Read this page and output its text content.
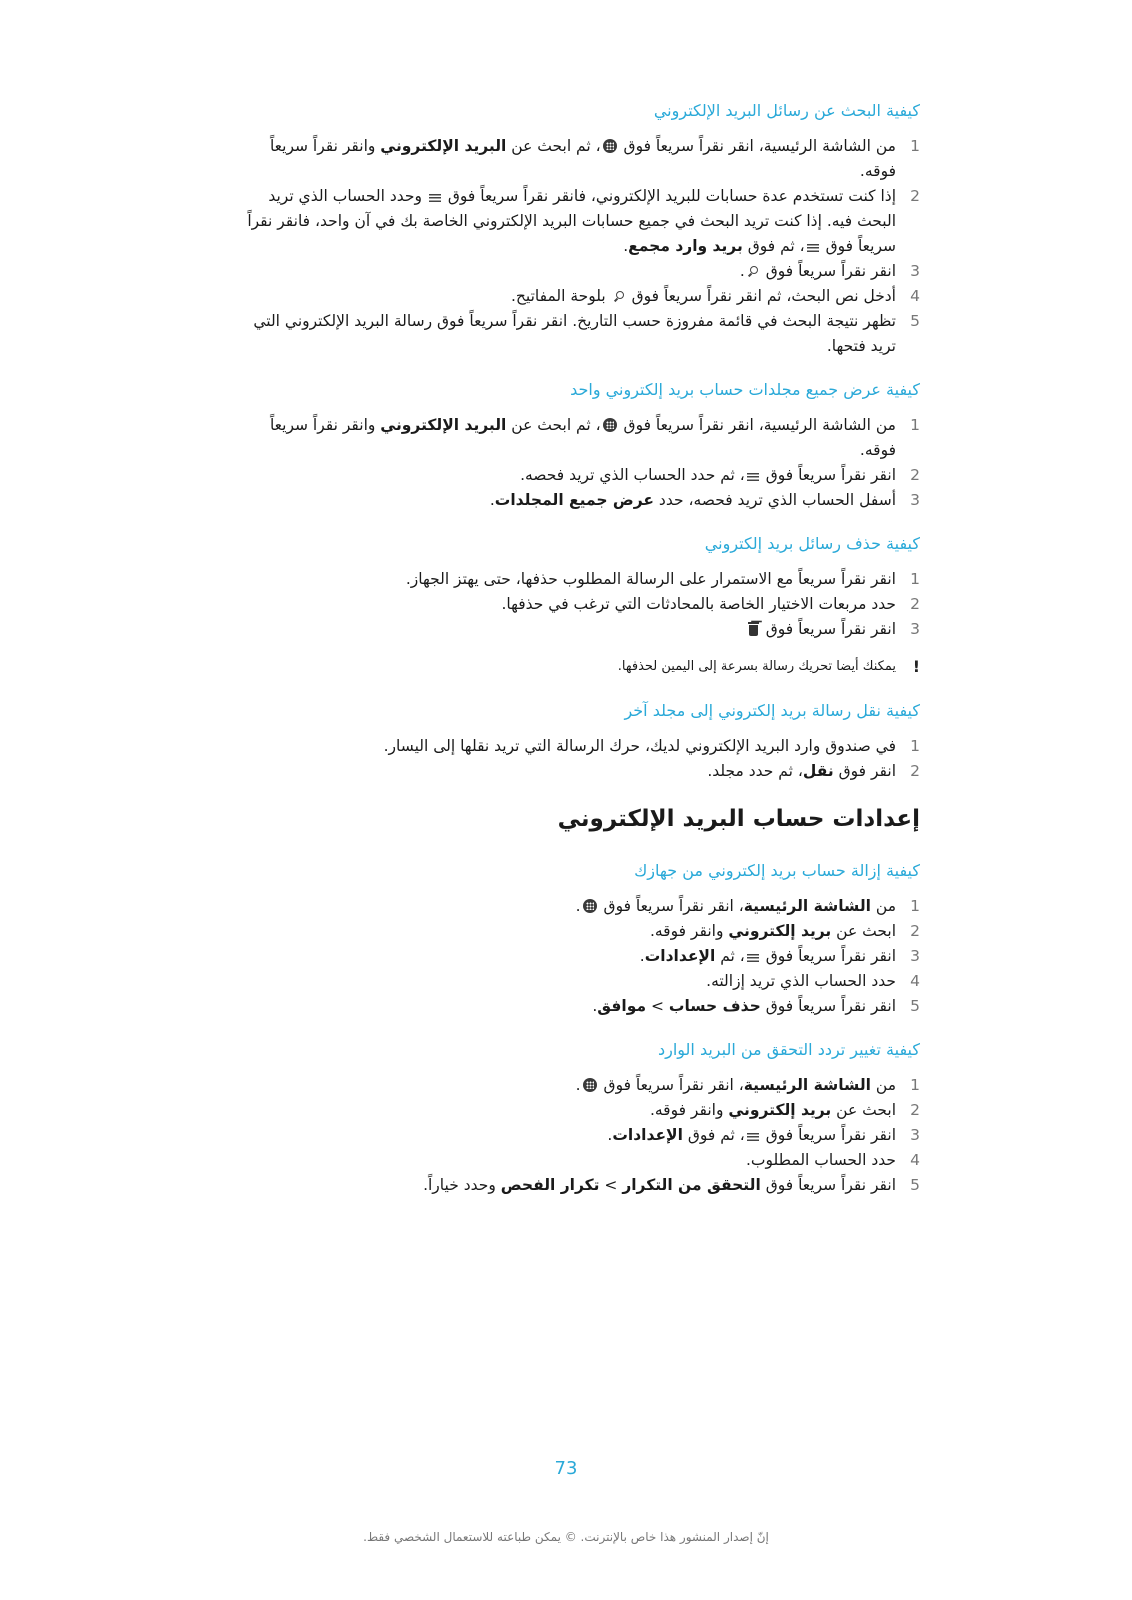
كيفية البحث عن رسائل البريد الإلكتروني
1
من الشاشة الرئيسية، انقر نقراً سريعاً فوق ، ثم ابحث عن البريد الإلكتروني وانقر نقراً سريعاً فوقه.
2
إذا كنت تستخدم عدة حسابات للبريد الإلكتروني، فانقر نقراً سريعاً فوق  وحدد الحساب الذي تريد البحث فيه. إذا كنت تريد البحث في جميع حسابات البريد الإلكتروني الخاصة بك في آن واحد، فانقر نقراً سريعاً فوق ، ثم فوق بريد وارد مجمع.
3
انقر نقراً سريعاً فوق .
4
أدخل نص البحث، ثم انقر نقراً سريعاً فوق  بلوحة المفاتيح.
5
تظهر نتيجة البحث في قائمة مفروزة حسب التاريخ. انقر نقراً سريعاً فوق رسالة البريد الإلكتروني التي تريد فتحها.
كيفية عرض جميع مجلدات حساب بريد إلكتروني واحد
1
من الشاشة الرئيسية، انقر نقراً سريعاً فوق ، ثم ابحث عن البريد الإلكتروني وانقر نقراً سريعاً فوقه.
2
انقر نقراً سريعاً فوق ، ثم حدد الحساب الذي تريد فحصه.
3
أسفل الحساب الذي تريد فحصه، حدد عرض جميع المجلدات.
كيفية حذف رسائل بريد إلكتروني
1
انقر نقراً سريعاً مع الاستمرار على الرسالة المطلوب حذفها، حتى يهتز الجهاز.
2
حدد مربعات الاختيار الخاصة بالمحادثات التي ترغب في حذفها.
3
انقر نقراً سريعاً فوق
!
يمكنك أيضا تحريك رسالة بسرعة إلى اليمين لحذفها.
كيفية نقل رسالة بريد إلكتروني إلى مجلد آخر
1
في صندوق وارد البريد الإلكتروني لديك، حرك الرسالة التي تريد نقلها إلى اليسار.
2
انقر فوق نقل، ثم حدد مجلد.
إعدادات حساب البريد الإلكتروني
كيفية إزالة حساب بريد إلكتروني من جهازك
1
من الشاشة الرئيسية، انقر نقراً سريعاً فوق .
2
ابحث عن بريد إلكتروني وانقر فوقه.
3
انقر نقراً سريعاً فوق ، ثم الإعدادات.
4
حدد الحساب الذي تريد إزالته.
5
انقر نقراً سريعاً فوق حذف حساب > موافق.
كيفية تغيير تردد التحقق من البريد الوارد
1
من الشاشة الرئيسية، انقر نقراً سريعاً فوق .
2
ابحث عن بريد إلكتروني وانقر فوقه.
3
انقر نقراً سريعاً فوق ، ثم فوق الإعدادات.
4
حدد الحساب المطلوب.
5
انقر نقراً سريعاً فوق التحقق من التكرار > تكرار الفحص وحدد خياراً.
73
إنّ إصدار المنشور هذا خاص بالإنترنت. © يمكن طباعته للاستعمال الشخصي فقط.
